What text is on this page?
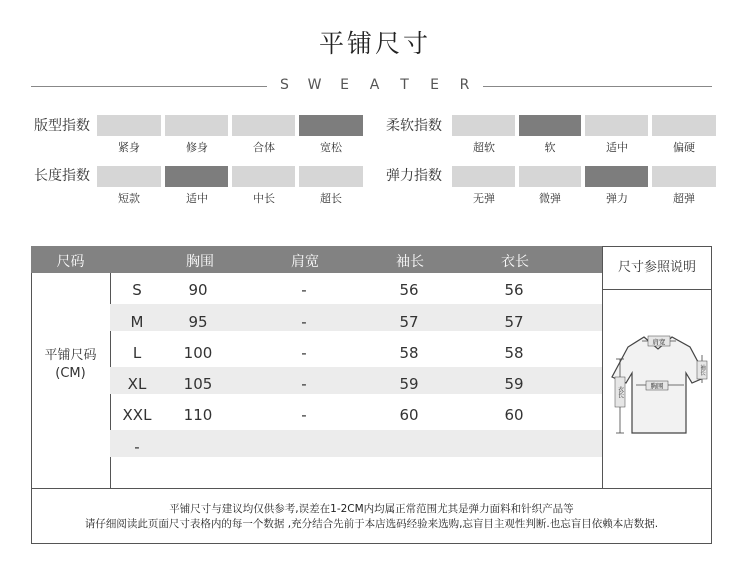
平铺尺寸
S W E A T E R
版型指数
紧身	修身	合体	宽松
长度指数
短款	适中	中长	超长
柔软指数
超软	软	适中	偏硬
弹力指数
无弹	微弹	弹力	超弹
尺码	胸围	肩宽	袖长	衣长
平铺尺码
(CM)
S	90	-	56	56
M	95	-	57	57
L	100	-	58	58
XL	105	-	59	59
XXL	110	-	60	60
-
尺寸参照说明
肩宽
胸围
衣长
袖长
平铺尺寸与建议均仅供参考,误差在1-2CM内均属正常范围尤其是弹力面料和针织产品等
请仔细阅读此页面尺寸表格内的每一个数据 ,充分结合先前于本店选码经验来选购,忘盲目主观性判断.也忘盲目依赖本店数据.
